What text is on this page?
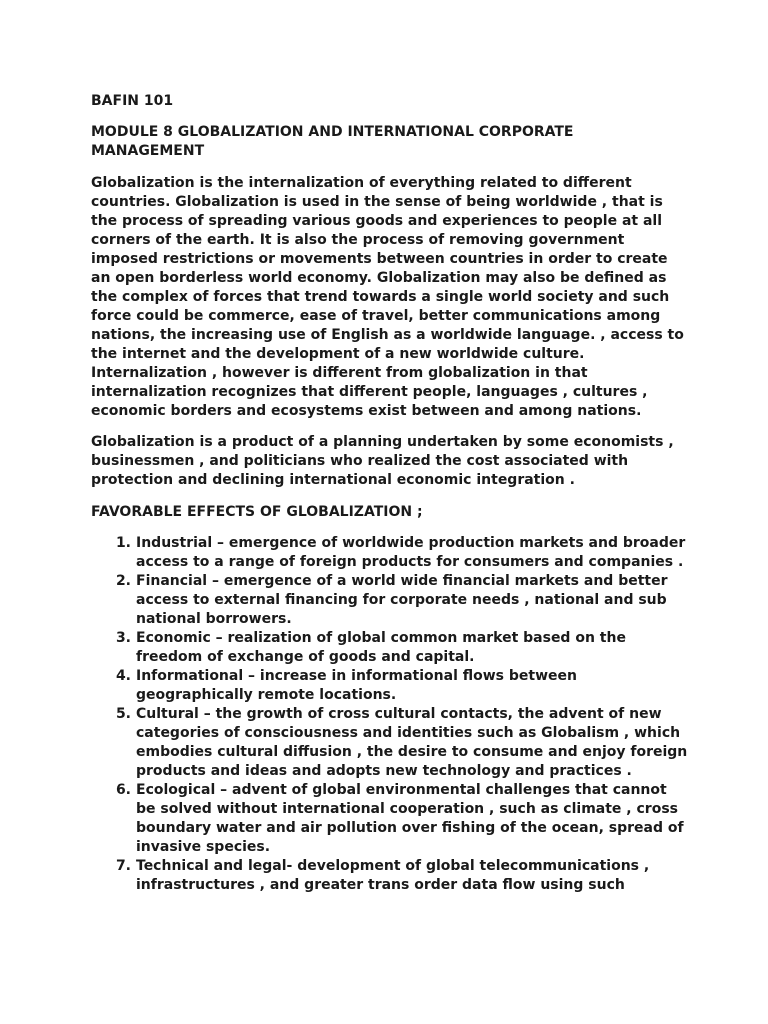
BAFIN 101

MODULE 8 GLOBALIZATION AND INTERNATIONAL CORPORATE MANAGEMENT

Globalization is the internalization of everything related to different countries. Globalization is used in the sense of being worldwide , that is the process of spreading various goods and experiences to people at all corners of the earth. It is also the process of removing government imposed restrictions or movements between countries in order to create an open borderless world economy. Globalization may also be defined as the complex of forces that trend towards a single world society and such force could be commerce, ease of travel, better communications among nations, the increasing use of English as a worldwide language. , access to the internet and the development of a new worldwide culture. Internalization , however is different from globalization in that internalization recognizes that different people, languages , cultures , economic borders and ecosystems exist between and among nations.

Globalization is a product of a planning undertaken by some economists , businessmen , and politicians who realized the cost associated with protection and declining international economic integration .

FAVORABLE EFFECTS OF GLOBALIZATION ;

1. Industrial – emergence of worldwide production markets and broader access to a range of foreign products for consumers and companies .
2. Financial – emergence of a world wide financial markets and better access to external financing for corporate needs , national and sub national borrowers.
3. Economic – realization of global common market based on the freedom of exchange of goods and capital.
4. Informational – increase in informational flows between geographically remote locations.
5. Cultural – the growth of cross cultural contacts, the advent of new categories of consciousness and identities such as Globalism , which embodies cultural diffusion , the desire to consume and enjoy foreign products and ideas and adopts new technology and practices .
6. Ecological – advent of global environmental challenges that cannot be solved without international cooperation , such as climate , cross boundary water and air pollution over fishing of the ocean, spread of invasive species.
7. Technical and legal- development of global telecommunications , infrastructures , and greater trans order data flow using such
